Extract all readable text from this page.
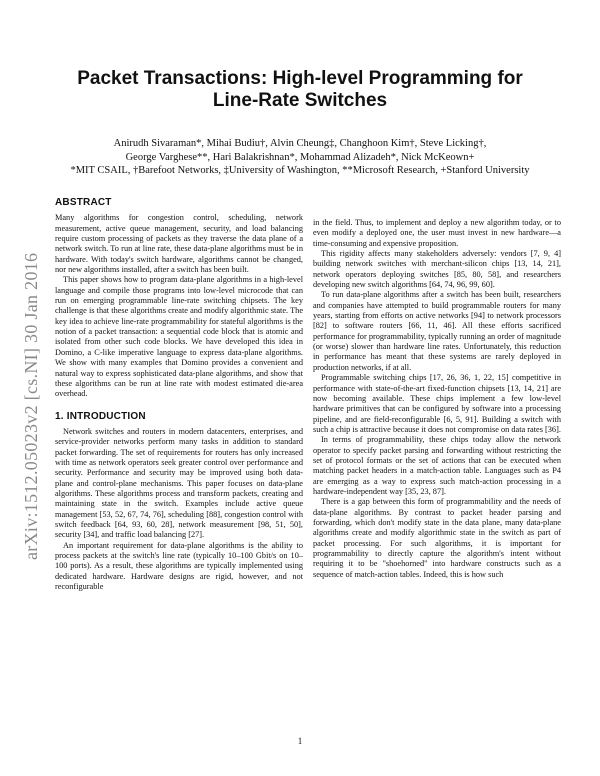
Packet Transactions: High-level Programming for
Line-Rate Switches
Anirudh Sivaraman*, Mihai Budiu†, Alvin Cheung‡, Changhoon Kim†, Steve Licking†,
George Varghese**, Hari Balakrishnan*, Mohammad Alizadeh*, Nick McKeown+
*MIT CSAIL, †Barefoot Networks, ‡University of Washington, **Microsoft Research, +Stanford University
arXiv:1512.05023v2 [cs.NI] 30 Jan 2016
ABSTRACT

Many algorithms for congestion control, scheduling, network measurement, active queue management, security, and load balancing require custom processing of packets as they traverse the data plane of a network switch. To run at line rate, these data-plane algorithms must be in hardware. With today's switch hardware, algorithms cannot be changed, nor new algorithms installed, after a switch has been built.

This paper shows how to program data-plane algorithms in a high-level language and compile those programs into low-level microcode that can run on emerging programmable line-rate switching chipsets. The key challenge is that these algorithms create and modify algorithmic state. The key idea to achieve line-rate programmability for stateful algorithms is the notion of a packet transaction: a sequential code block that is atomic and isolated from other such code blocks. We have developed this idea in Domino, a C-like imperative language to express data-plane algorithms. We show with many examples that Domino provides a convenient and natural way to express sophisticated data-plane algorithms, and show that these algorithms can be run at line rate with modest estimated die-area overhead.

1. INTRODUCTION

Network switches and routers in modern datacenters, enterprises, and service-provider networks perform many tasks in addition to standard packet forwarding. The set of requirements for routers has only increased with time as network operators seek greater control over performance and security. Performance and security may be improved using both data-plane and control-plane mechanisms. This paper focuses on data-plane algorithms. These algorithms process and transform packets, creating and maintaining state in the switch. Examples include active queue management [53, 52, 67, 74, 76], scheduling [88], congestion control with switch feedback [64, 93, 60, 28], network measurement [98, 51, 50], security [34], and traffic load balancing [27].

An important requirement for data-plane algorithms is the ability to process packets at the switch's line rate (typically 10–100 Gbit/s on 10–100 ports). As a result, these algorithms are typically implemented using dedicated hardware. Hardware designs are rigid, however, and not reconfigurable

in the field. Thus, to implement and deploy a new algorithm today, or to even modify a deployed one, the user must invest in new hardware—a time-consuming and expensive proposition.

This rigidity affects many stakeholders adversely: vendors [7, 9, 4] building network switches with merchant-silicon chips [13, 14, 21], network operators deploying switches [85, 80, 58], and researchers developing new switch algorithms [64, 74, 96, 99, 60].

To run data-plane algorithms after a switch has been built, researchers and companies have attempted to build programmable routers for many years, starting from efforts on active networks [94] to network processors [82] to software routers [66, 11, 46]. All these efforts sacrificed performance for programmability, typically running an order of magnitude (or worse) slower than hardware line rates. Unfortunately, this reduction in performance has meant that these systems are rarely deployed in production networks, if at all.

Programmable switching chips [17, 26, 36, 1, 22, 15] competitive in performance with state-of-the-art fixed-function chipsets [13, 14, 21] are now becoming available. These chips implement a few low-level hardware primitives that can be configured by software into a processing pipeline, and are field-reconfigurable [6, 5, 91]. Building a switch with such a chip is attractive because it does not compromise on data rates [36].

In terms of programmability, these chips today allow the network operator to specify packet parsing and forwarding without restricting the set of protocol formats or the set of actions that can be executed when matching packet headers in a match-action table. Languages such as P4 are emerging as a way to express such match-action processing in a hardware-independent way [35, 23, 87].

There is a gap between this form of programmability and the needs of data-plane algorithms. By contrast to packet header parsing and forwarding, which don't modify state in the data plane, many data-plane algorithms create and modify algorithmic state in the switch as part of packet processing. For such algorithms, it is important for programmability to directly capture the algorithm's intent without requiring it to be "shoehorned" into hardware constructs such as a sequence of match-action tables. Indeed, this is how such

1
